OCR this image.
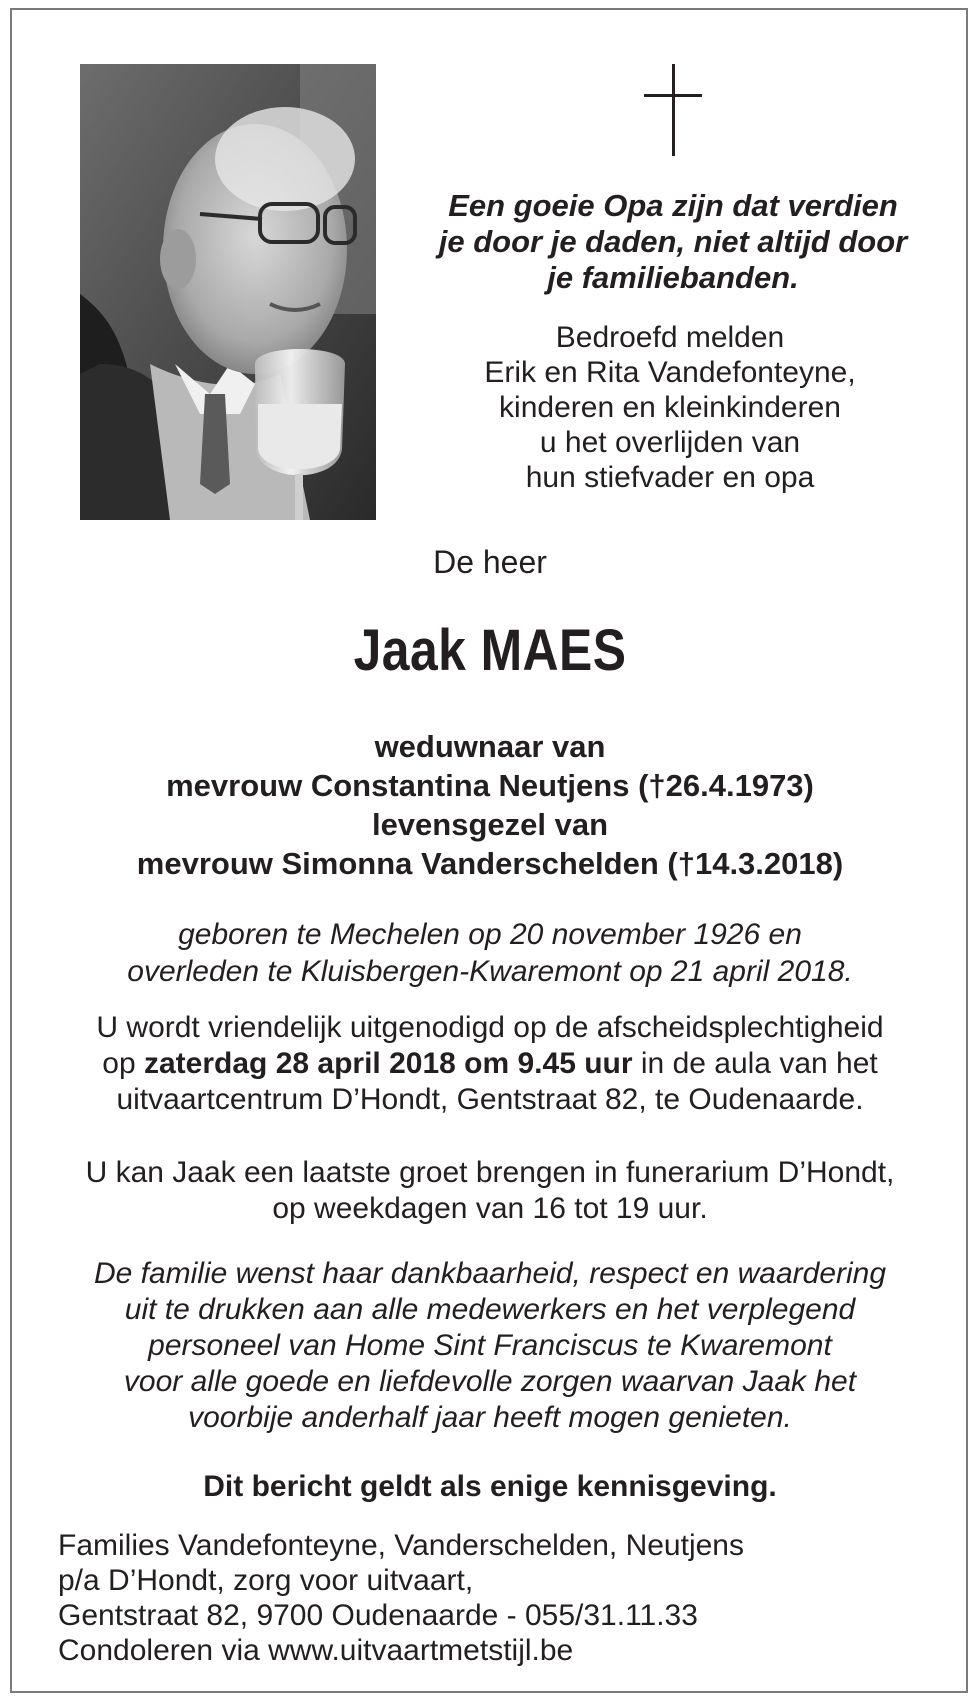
Een goeie Opa zijn dat verdien
je door je daden, niet altijd door
je familiebanden.
Bedroefd melden
Erik en Rita Vandefonteyne,
kinderen en kleinkinderen
u het overlijden van
hun stiefvader en opa
De heer
Jaak MAES
weduwnaar van
mevrouw Constantina Neutjens (†26.4.1973)
levensgezel van
mevrouw Simonna Vanderschelden (†14.3.2018)
geboren te Mechelen op 20 november 1926 en
overleden te Kluisbergen-Kwaremont op 21 april 2018.
U wordt vriendelijk uitgenodigd op de afscheidsplechtigheid
op zaterdag 28 april 2018 om 9.45 uur in de aula van het
uitvaartcentrum D’Hondt, Gentstraat 82, te Oudenaarde.
U kan Jaak een laatste groet brengen in funerarium D’Hondt,
op weekdagen van 16 tot 19 uur.
De familie wenst haar dankbaarheid, respect en waardering
uit te drukken aan alle medewerkers en het verplegend
personeel van Home Sint Franciscus te Kwaremont
voor alle goede en liefdevolle zorgen waarvan Jaak het
voorbije anderhalf jaar heeft mogen genieten.
Dit bericht geldt als enige kennisgeving.
Families Vandefonteyne, Vanderschelden, Neutjens
p/a D’Hondt, zorg voor uitvaart,
Gentstraat 82, 9700 Oudenaarde - 055/31.11.33
Condoleren via www.uitvaartmetstijl.be
